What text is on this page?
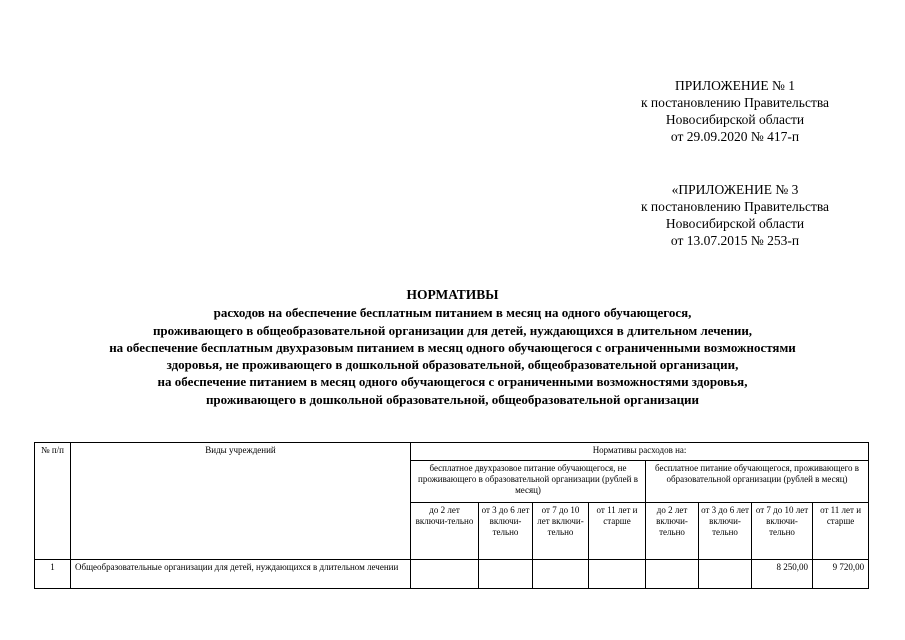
ПРИЛОЖЕНИЕ № 1
к постановлению Правительства
Новосибирской области
от 29.09.2020 № 417-п
«ПРИЛОЖЕНИЕ № 3
к постановлению Правительства
Новосибирской области
от 13.07.2015 № 253-п
НОРМАТИВЫ
расходов на обеспечение бесплатным питанием в месяц на одного обучающегося,
проживающего в общеобразовательной организации для детей, нуждающихся в длительном лечении,
на обеспечение бесплатным двухразовым питанием в месяц одного обучающегося с ограниченными возможностями
здоровья, не проживающего в дошкольной образовательной, общеобразовательной организации,
на обеспечение питанием в месяц одного обучающегося с ограниченными возможностями здоровья,
проживающего в дошкольной образовательной, общеобразовательной организации
№ п/п	Виды учреждений	Нормативы расходов на:							
		бесплатное двухразовое питание обучающегося, не проживающего в образовательной организации (рублей в месяц)				бесплатное питание обучающегося, проживающего в образовательной организации (рублей в месяц)			
		до 2 лет включи-тельно	от 3 до 6 лет включи-тельно	от 7 до 10 лет включи-тельно	от 11 лет и старше	до 2 лет включи-тельно	от 3 до 6 лет включи-тельно	от 7 до 10 лет включи-тельно	от 11 лет и старше
1	Общеобразовательные организации для детей, нуждающихся в длительном лечении							8 250,00	9 720,00
